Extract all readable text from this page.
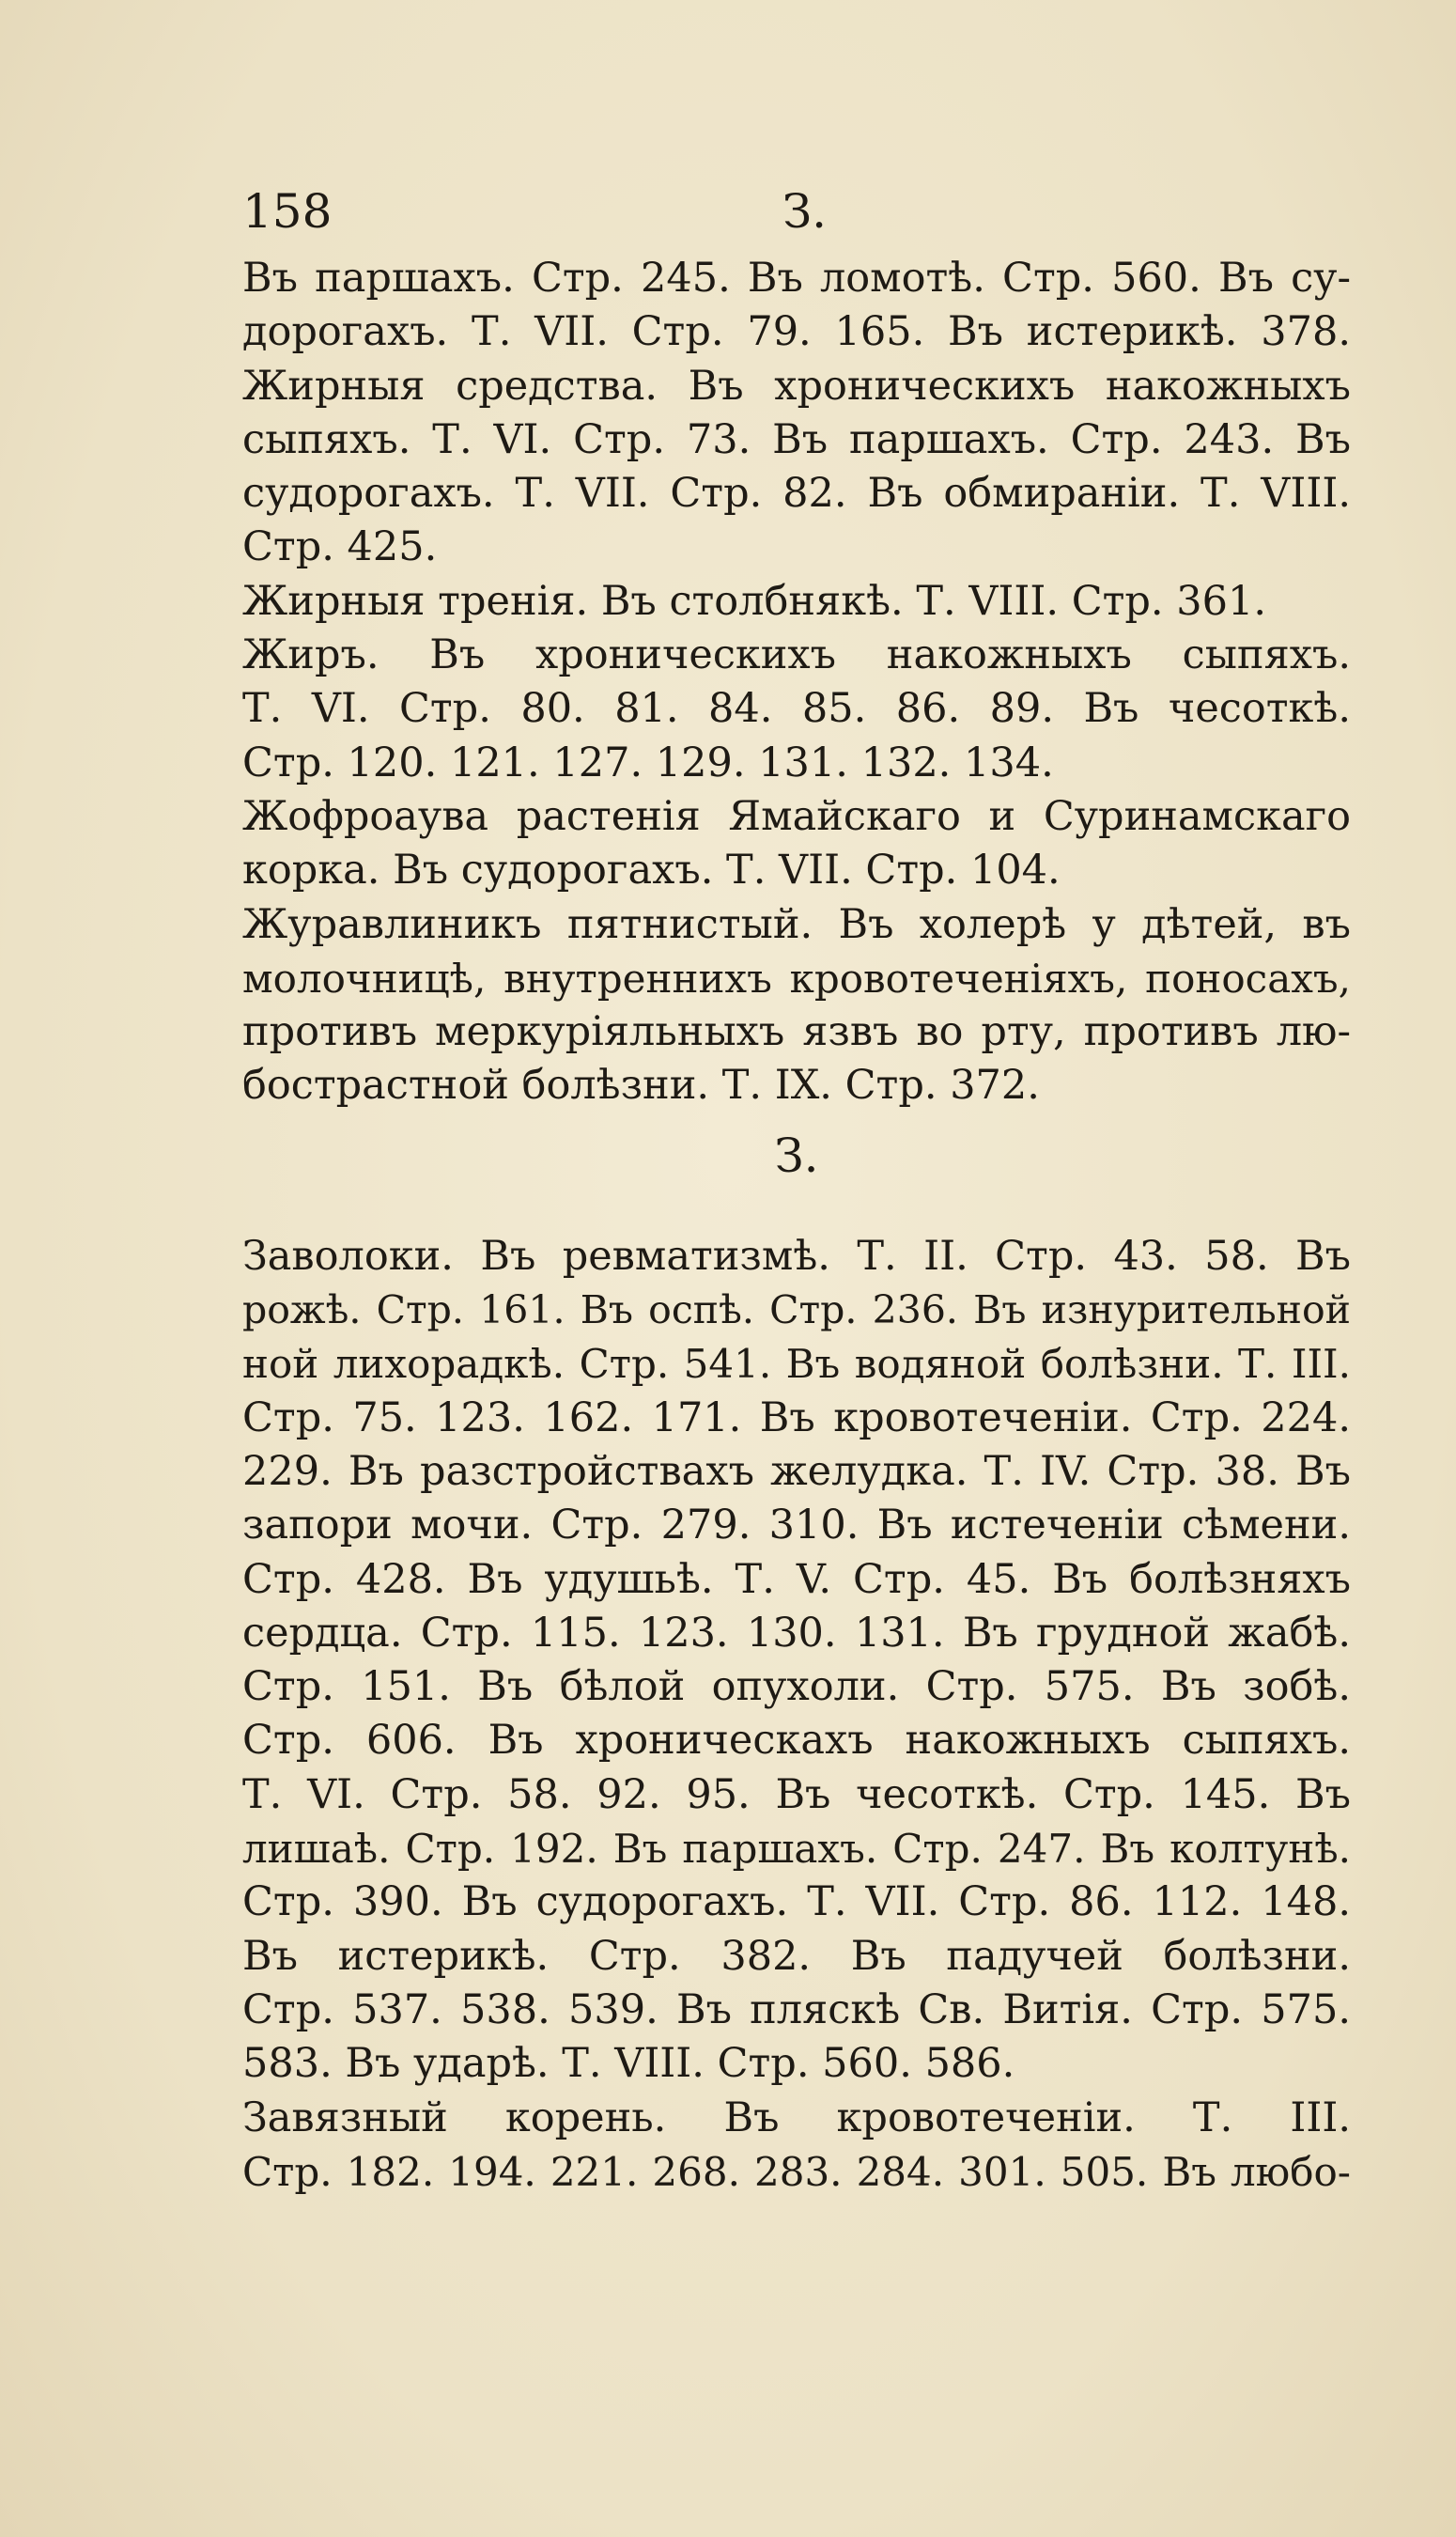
158	З.
Въ паршахъ. Стр. 245. Въ ломотѣ. Стр. 560. Въ су-
дорогахъ. Т. VII. Стр. 79. 165. Въ истерикѣ. 378.
Жирныя средства. Въ хроническихъ накожныхъ
сыпяхъ. Т. VI. Стр. 73. Въ паршахъ. Стр. 243. Въ
судорогахъ. Т. VII. Стр. 82. Въ обмираніи. Т. VIII.
Стр. 425.
Жирныя тренія. Въ столбнякѣ. Т. VIII. Стр. 361.
Жиръ. Въ хроническихъ накожныхъ сыпяхъ.
Т. VI. Стр. 80. 81. 84. 85. 86. 89. Въ чесоткѣ.
Стр. 120. 121. 127. 129. 131. 132. 134.
Жофроаува растенія Ямайскаго и Суринамскаго
корка. Въ судорогахъ. Т. VII. Стр. 104.
Журавлиникъ пятнистый. Въ холерѣ у дѣтей, въ
молочницѣ, внутреннихъ кровотеченіяхъ, поносахъ,
противъ меркуріяльныхъ язвъ во рту, противъ лю-
бострастной болѣзни. Т. IX. Стр. 372.
З.
Заволоки. Въ ревматизмѣ. Т. II. Стр. 43. 58. Въ
рожѣ. Стр. 161. Въ оспѣ. Стр. 236. Въ изнурительной
ной лихорадкѣ. Стр. 541. Въ водяной болѣзни. Т. III.
Стр. 75. 123. 162. 171. Въ кровотеченіи. Стр. 224.
229. Въ разстройствахъ желудка. Т. IV. Стр. 38. Въ
запори мочи. Стр. 279. 310. Въ истеченіи сѣмени.
Стр. 428. Въ удушьѣ. Т. V. Стр. 45. Въ болѣзняхъ
сердца. Стр. 115. 123. 130. 131. Въ грудной жабѣ.
Стр. 151. Въ бѣлой опухоли. Стр. 575. Въ зобѣ.
Стр. 606. Въ хроническахъ накожныхъ сыпяхъ.
Т. VI. Стр. 58. 92. 95. Въ чесоткѣ. Стр. 145. Въ
лишаѣ. Стр. 192. Въ паршахъ. Стр. 247. Въ колтунѣ.
Стр. 390. Въ судорогахъ. Т. VII. Стр. 86. 112. 148.
Въ истерикѣ. Стр. 382. Въ падучей болѣзни.
Стр. 537. 538. 539. Въ пляскѣ Св. Витія. Стр. 575.
583. Въ ударѣ. Т. VIII. Стр. 560. 586.
Завязный корень. Въ кровотеченіи. Т. III.
Стр. 182. 194. 221. 268. 283. 284. 301. 505. Въ любо-
